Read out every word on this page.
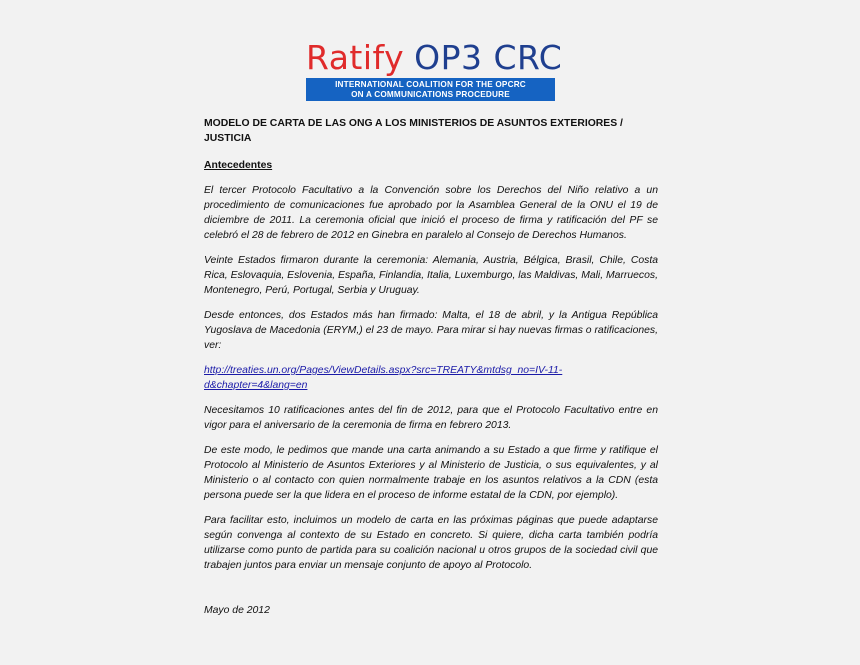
Ratify OP3 CRC
INTERNATIONAL COALITION FOR THE OPCRC
ON A COMMUNICATIONS PROCEDURE

MODELO DE CARTA DE LAS ONG A LOS MINISTERIOS DE ASUNTOS EXTERIORES / JUSTICIA

Antecedentes

El tercer Protocolo Facultativo a la Convención sobre los Derechos del Niño relativo a un procedimiento de comunicaciones fue aprobado por la Asamblea General de la ONU el 19 de diciembre de 2011. La ceremonia oficial que inició el proceso de firma y ratificación del PF se celebró el 28 de febrero de 2012 en Ginebra en paralelo al Consejo de Derechos Humanos.

Veinte Estados firmaron durante la ceremonia: Alemania, Austria, Bélgica, Brasil, Chile, Costa Rica, Eslovaquia, Eslovenia, España, Finlandia, Italia, Luxemburgo, las Maldivas, Mali, Marruecos, Montenegro, Perú, Portugal, Serbia y Uruguay.

Desde entonces, dos Estados más han firmado: Malta, el 18 de abril, y la Antigua República Yugoslava de Macedonia (ERYM,) el 23 de mayo. Para mirar si hay nuevas firmas o ratificaciones, ver:

http://treaties.un.org/Pages/ViewDetails.aspx?src=TREATY&mtdsg_no=IV-11-d&chapter=4&lang=en

Necesitamos 10 ratificaciones antes del fin de 2012, para que el Protocolo Facultativo entre en vigor para el aniversario de la ceremonia de firma en febrero 2013.

De este modo, le pedimos que mande una carta animando a su Estado a que firme y ratifique el Protocolo al Ministerio de Asuntos Exteriores y al Ministerio de Justicia, o sus equivalentes, y al Ministerio o al contacto con quien normalmente trabaje en los asuntos relativos a la CDN (esta persona puede ser la que lidera en el proceso de informe estatal de la CDN, por ejemplo).

Para facilitar esto, incluimos un modelo de carta en las próximas páginas que puede adaptarse según convenga al contexto de su Estado en concreto. Si quiere, dicha carta también podría utilizarse como punto de partida para su coalición nacional u otros grupos de la sociedad civil que trabajen juntos para enviar un mensaje conjunto de apoyo al Protocolo.

Mayo de 2012
